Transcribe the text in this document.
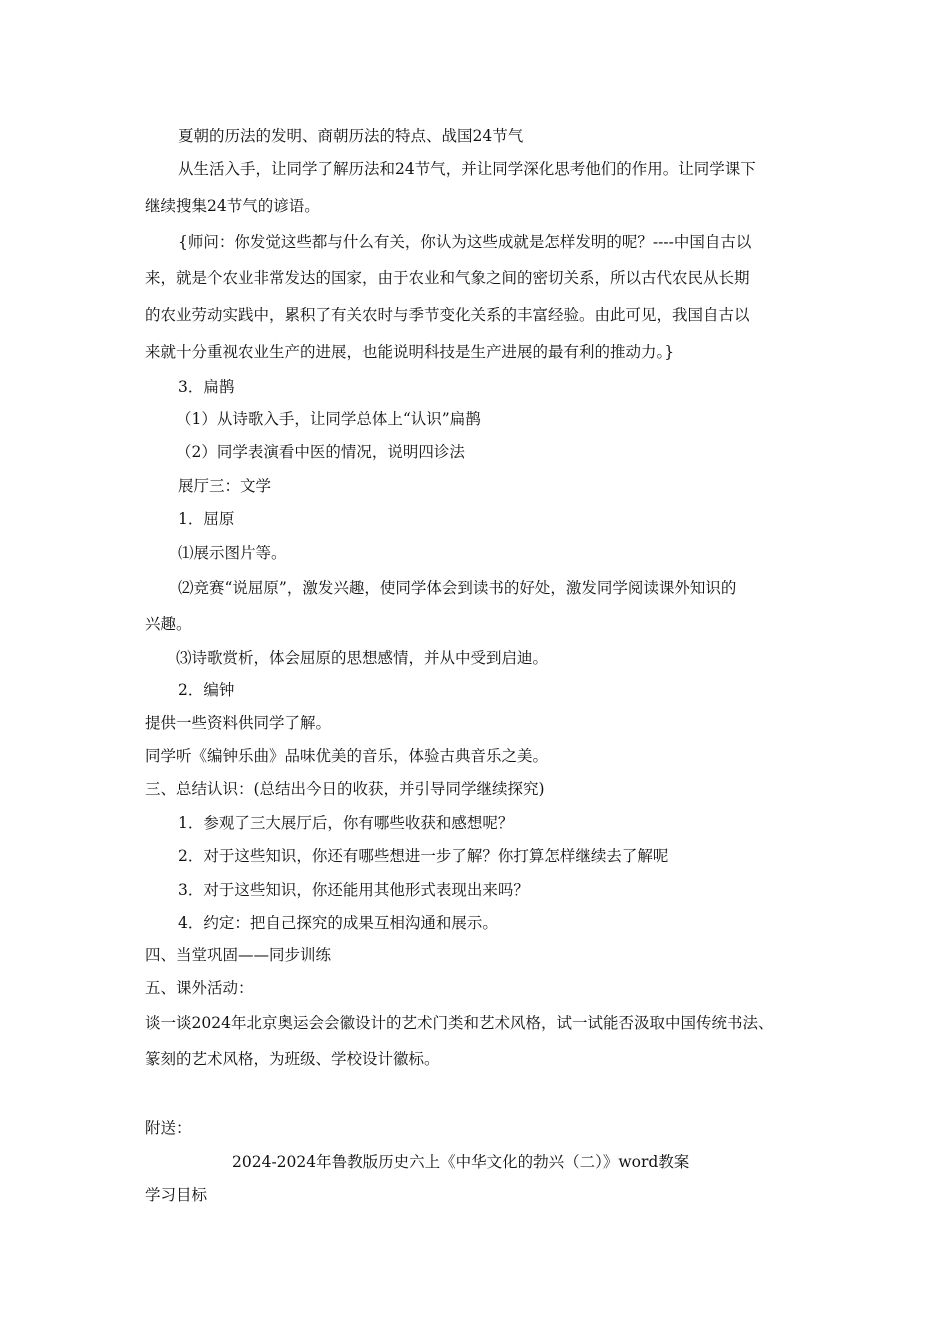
夏朝的历法的发明、商朝历法的特点、战国24节气
从生活入手，让同学了解历法和24节气，并让同学深化思考他们的作用。让同学课下
继续搜集24节气的谚语。
{师问：你发觉这些都与什么有关，你认为这些成就是怎样发明的呢？----中国自古以
来，就是个农业非常发达的国家，由于农业和气象之间的密切关系，所以古代农民从长期
的农业劳动实践中，累积了有关农时与季节变化关系的丰富经验。由此可见，我国自古以
来就十分重视农业生产的进展，也能说明科技是生产进展的最有利的推动力。}
3．扁鹊
（1）从诗歌入手，让同学总体上“认识”扁鹊
（2）同学表演看中医的情况，说明四诊法
展厅三：文学
1．屈原
⑴展示图片等。
⑵竞赛“说屈原”，激发兴趣，使同学体会到读书的好处，激发同学阅读课外知识的
兴趣。
⑶诗歌赏析，体会屈原的思想感情，并从中受到启迪。
2．编钟
提供一些资料供同学了解。
同学听《编钟乐曲》品味优美的音乐，体验古典音乐之美。
三、总结认识：(总结出今日的收获，并引导同学继续探究)
1．参观了三大展厅后，你有哪些收获和感想呢？
2．对于这些知识，你还有哪些想进一步了解？你打算怎样继续去了解呢
3．对于这些知识，你还能用其他形式表现出来吗？
4．约定：把自己探究的成果互相沟通和展示。
四、当堂巩固——同步训练
五、课外活动：
谈一谈2024年北京奥运会会徽设计的艺术门类和艺术风格，试一试能否汲取中国传统书法、
篆刻的艺术风格，为班级、学校设计徽标。
附送：
2024-2024年鲁教版历史六上《中华文化的勃兴（二）》word教案
学习目标
